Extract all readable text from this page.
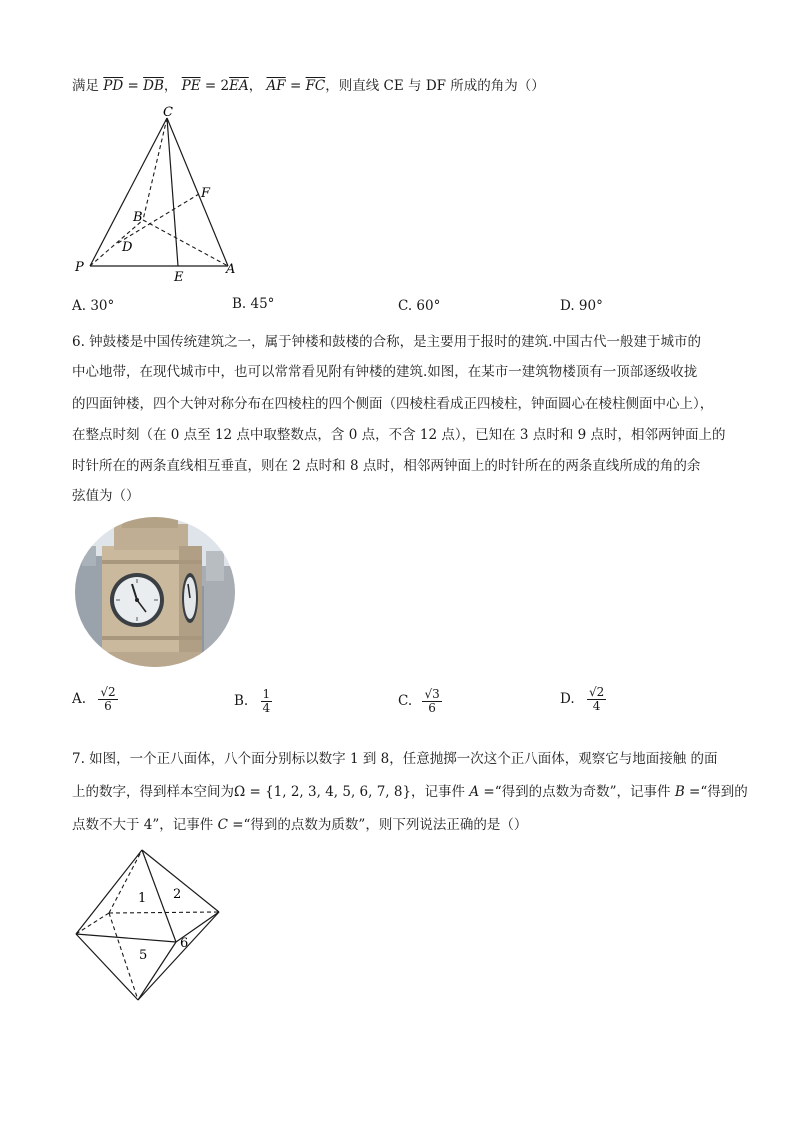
满足 $\overline{PD} = \overline{DB}$， $\overline{PE} = 2\overline{EA}$， $\overline{AF} = \overline{FC}$，则直线 CE 与 DF 所成的角为（）
C
F
B
D
P
E
A
A. 30°	B. 45°	C. 60°	D. 90°
6. 钟鼓楼是中国传统建筑之一，属于钟楼和鼓楼的合称，是主要用于报时的建筑.中国古代一般建于城市的
中心地带，在现代城市中，也可以常常看见附有钟楼的建筑.如图，在某市一建筑物楼顶有一顶部逐级收拢
的四面钟楼，四个大钟对称分布在四棱柱的四个侧面（四棱柱看成正四棱柱，钟面圆心在棱柱侧面中心上），
在整点时刻（在 0 点至 12 点中取整数点，含 0 点，不含 12 点），已知在 3 点时和 9 点时，相邻两钟面上的
时针所在的两条直线相互垂直，则在 2 点时和 8 点时，相邻两钟面上的时针所在的两条直线所成的角的余
弦值为（）
A. $\frac{√2}{6}$	B. $\frac{1}{4}$	C. $\frac{√3}{6}$	D. $\frac{√2}{4}$
7. 如图，一个正八面体，八个面分别标以数字 1 到 8，任意抛掷一次这个正八面体，观察它与地面接触 的面
上的数字，得到样本空间为Ω = {1, 2, 3, 4, 5, 6, 7, 8}，记事件 A =“得到的点数为奇数”，记事件 B =“得到的
点数不大于 4”，记事件 C =“得到的点数为质数”，则下列说法正确的是（）
1 2
5
6
